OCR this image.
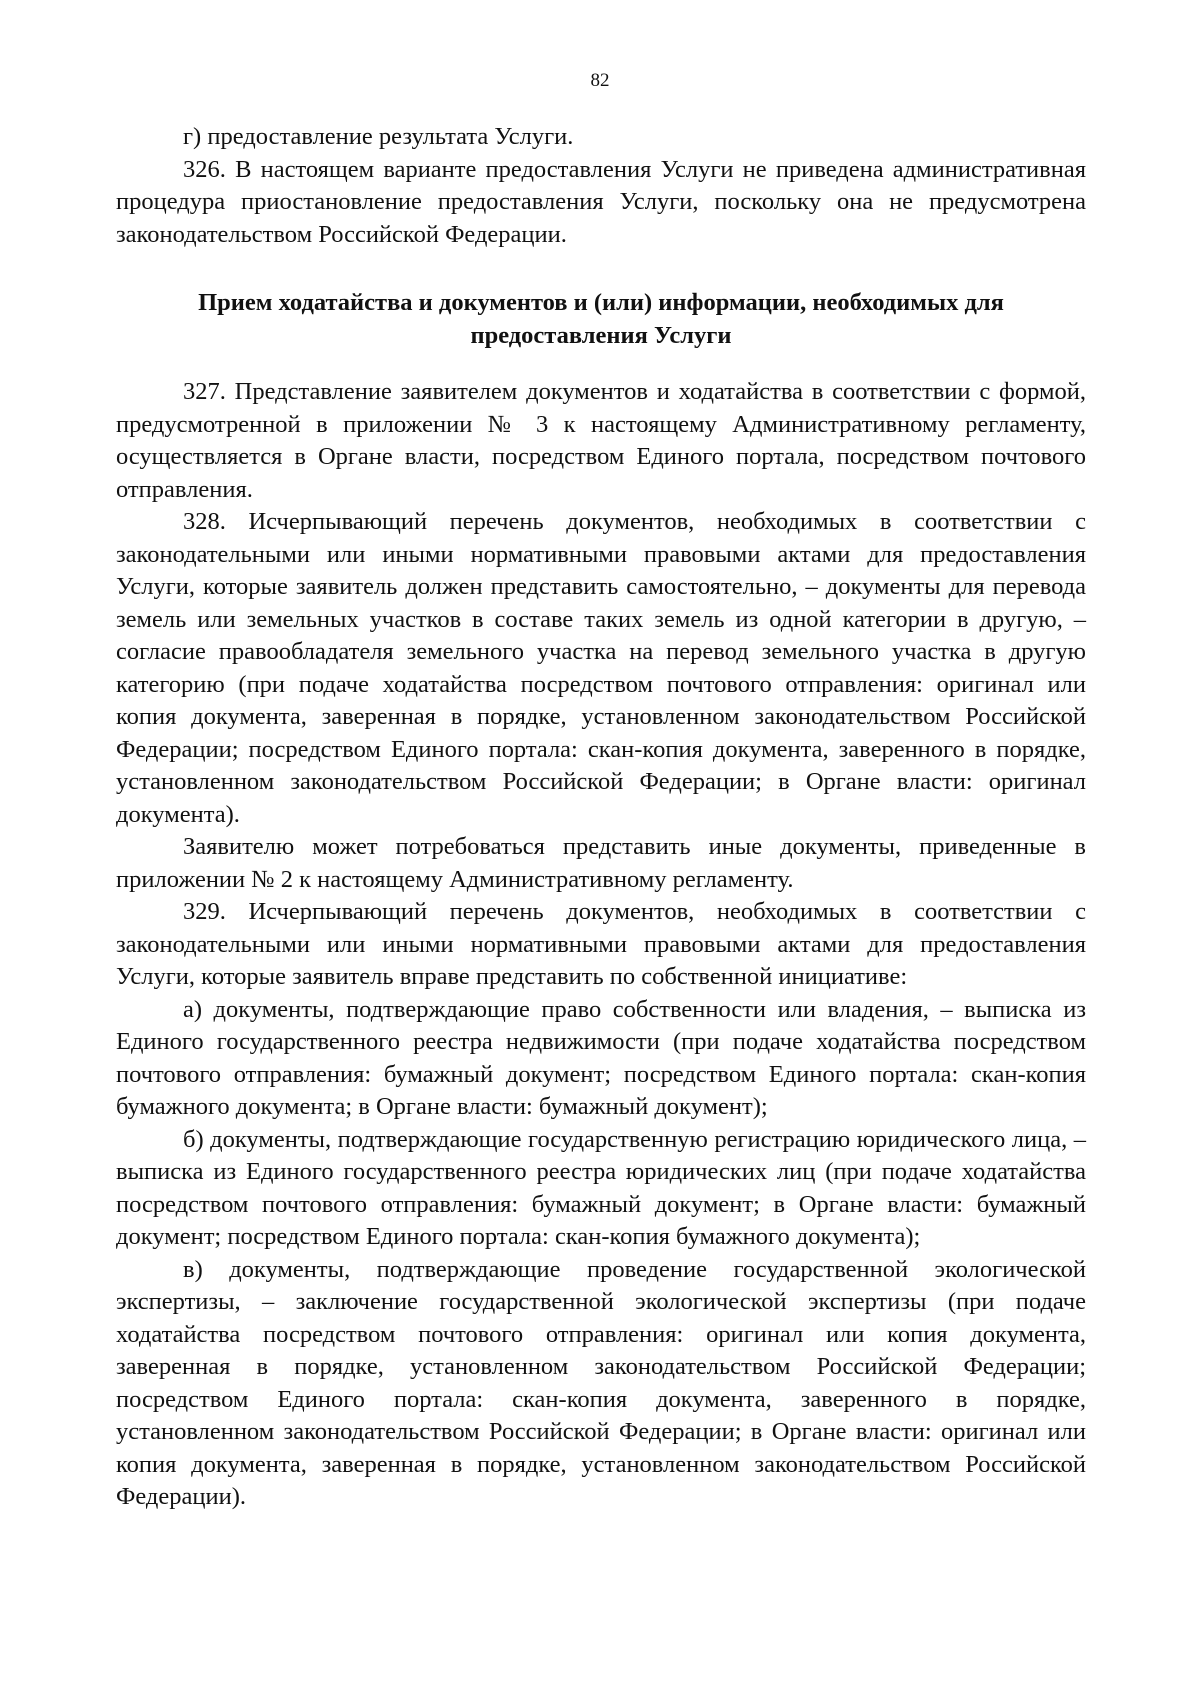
82

г) предоставление результата Услуги.

326. В настоящем варианте предоставления Услуги не приведена административная процедура приостановление предоставления Услуги, поскольку она не предусмотрена законодательством Российской Федерации.

Прием ходатайства и документов и (или) информации, необходимых для предоставления Услуги

327. Представление заявителем документов и ходатайства в соответствии с формой, предусмотренной в приложении № 3 к настоящему Административному регламенту, осуществляется в Органе власти, посредством Единого портала, посредством почтового отправления.

328. Исчерпывающий перечень документов, необходимых в соответствии с законодательными или иными нормативными правовыми актами для предоставления Услуги, которые заявитель должен представить самостоятельно, – документы для перевода земель или земельных участков в составе таких земель из одной категории в другую, – согласие правообладателя земельного участка на перевод земельного участка в другую категорию (при подаче ходатайства посредством почтового отправления: оригинал или копия документа, заверенная в порядке, установленном законодательством Российской Федерации; посредством Единого портала: скан-копия документа, заверенного в порядке, установленном законодательством Российской Федерации; в Органе власти: оригинал документа).

Заявителю может потребоваться представить иные документы, приведенные в приложении № 2 к настоящему Административному регламенту.

329. Исчерпывающий перечень документов, необходимых в соответствии с законодательными или иными нормативными правовыми актами для предоставления Услуги, которые заявитель вправе представить по собственной инициативе:

а) документы, подтверждающие право собственности или владения, – выписка из Единого государственного реестра недвижимости (при подаче ходатайства посредством почтового отправления: бумажный документ; посредством Единого портала: скан-копия бумажного документа; в Органе власти: бумажный документ);

б) документы, подтверждающие государственную регистрацию юридического лица, – выписка из Единого государственного реестра юридических лиц (при подаче ходатайства посредством почтового отправления: бумажный документ; в Органе власти: бумажный документ; посредством Единого портала: скан-копия бумажного документа);

в) документы, подтверждающие проведение государственной экологической экспертизы, – заключение государственной экологической экспертизы (при подаче ходатайства посредством почтового отправления: оригинал или копия документа, заверенная в порядке, установленном законодательством Российской Федерации; посредством Единого портала: скан-копия документа, заверенного в порядке, установленном законодательством Российской Федерации; в Органе власти: оригинал или копия документа, заверенная в порядке, установленном законодательством Российской Федерации).
